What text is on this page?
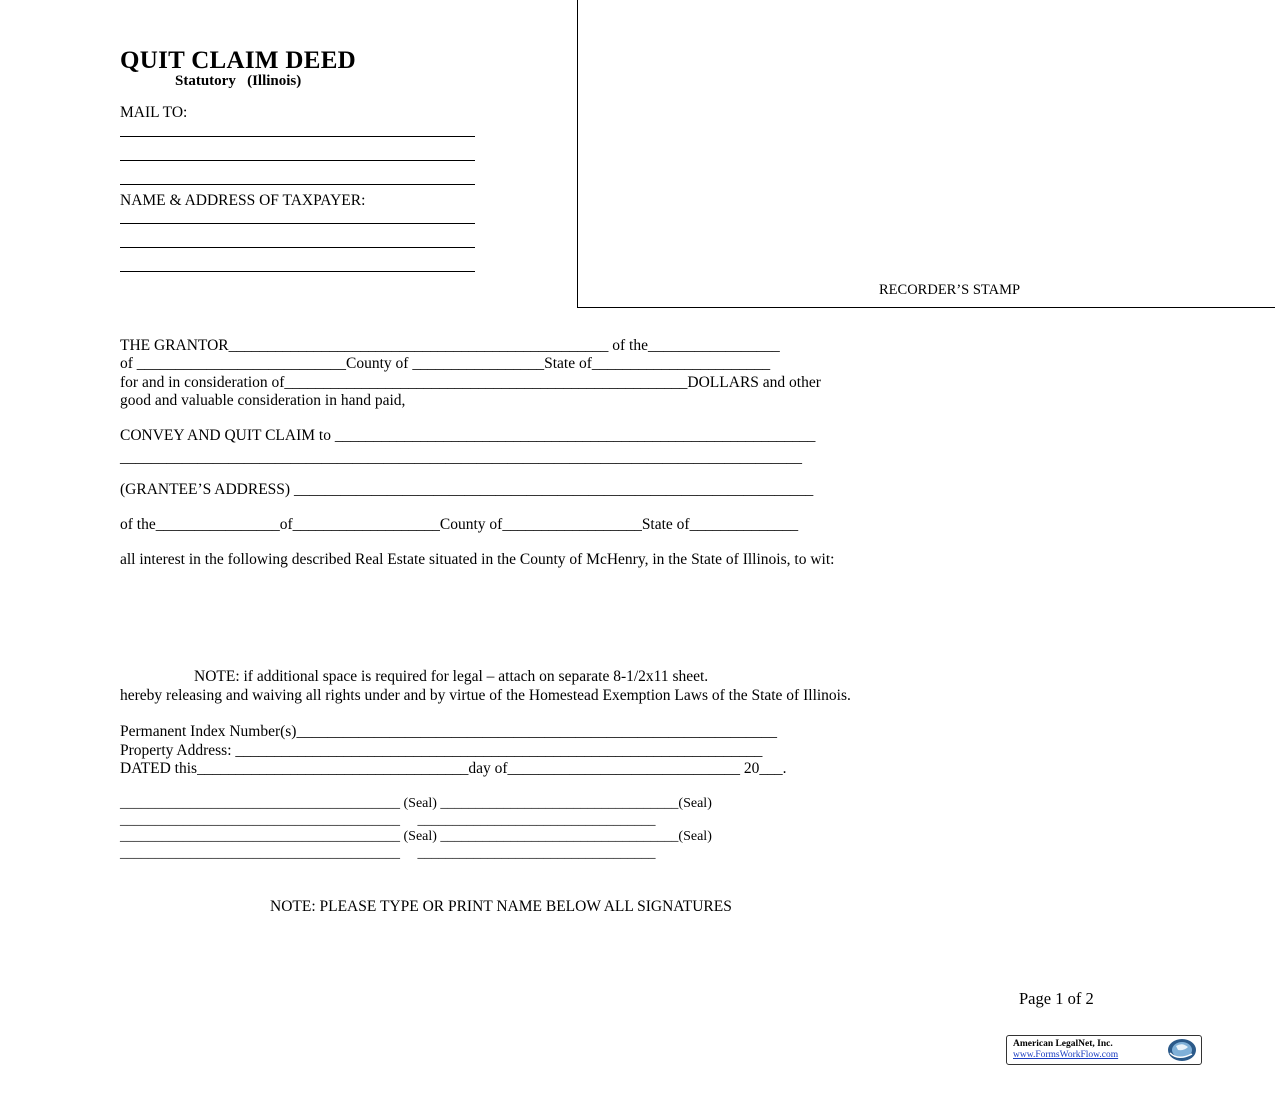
QUIT CLAIM DEED
Statutory   (Illinois)
MAIL TO:
NAME & ADDRESS OF TAXPAYER:
RECORDER’S STAMP
THE GRANTOR_________________________________________________ of the_________________
of ___________________________County of _________________State of_______________________
for and in consideration of____________________________________________________DOLLARS and other
good and valuable consideration in hand paid,
CONVEY AND QUIT CLAIM to ______________________________________________________________
________________________________________________________________________________________
(GRANTEE’S ADDRESS) ___________________________________________________________________
of the________________of___________________County of__________________State of______________
all interest in the following described Real Estate situated in the County of McHenry, in the State of Illinois, to wit:
NOTE: if additional space is required for legal – attach on separate 8-1/2x11 sheet.
hereby releasing and waiving all rights under and by virtue of the Homestead Exemption Laws of the State of Illinois.
Permanent Index Number(s)______________________________________________________________
Property Address: ____________________________________________________________________
DATED this___________________________________day of______________________________ 20___.
________________________________________ (Seal) __________________________________(Seal)
________________________________________     __________________________________
________________________________________ (Seal) __________________________________(Seal)
________________________________________     __________________________________
NOTE: PLEASE TYPE OR PRINT NAME BELOW ALL SIGNATURES
Page 1 of 2
American LegalNet, Inc.
www.FormsWorkFlow.com
